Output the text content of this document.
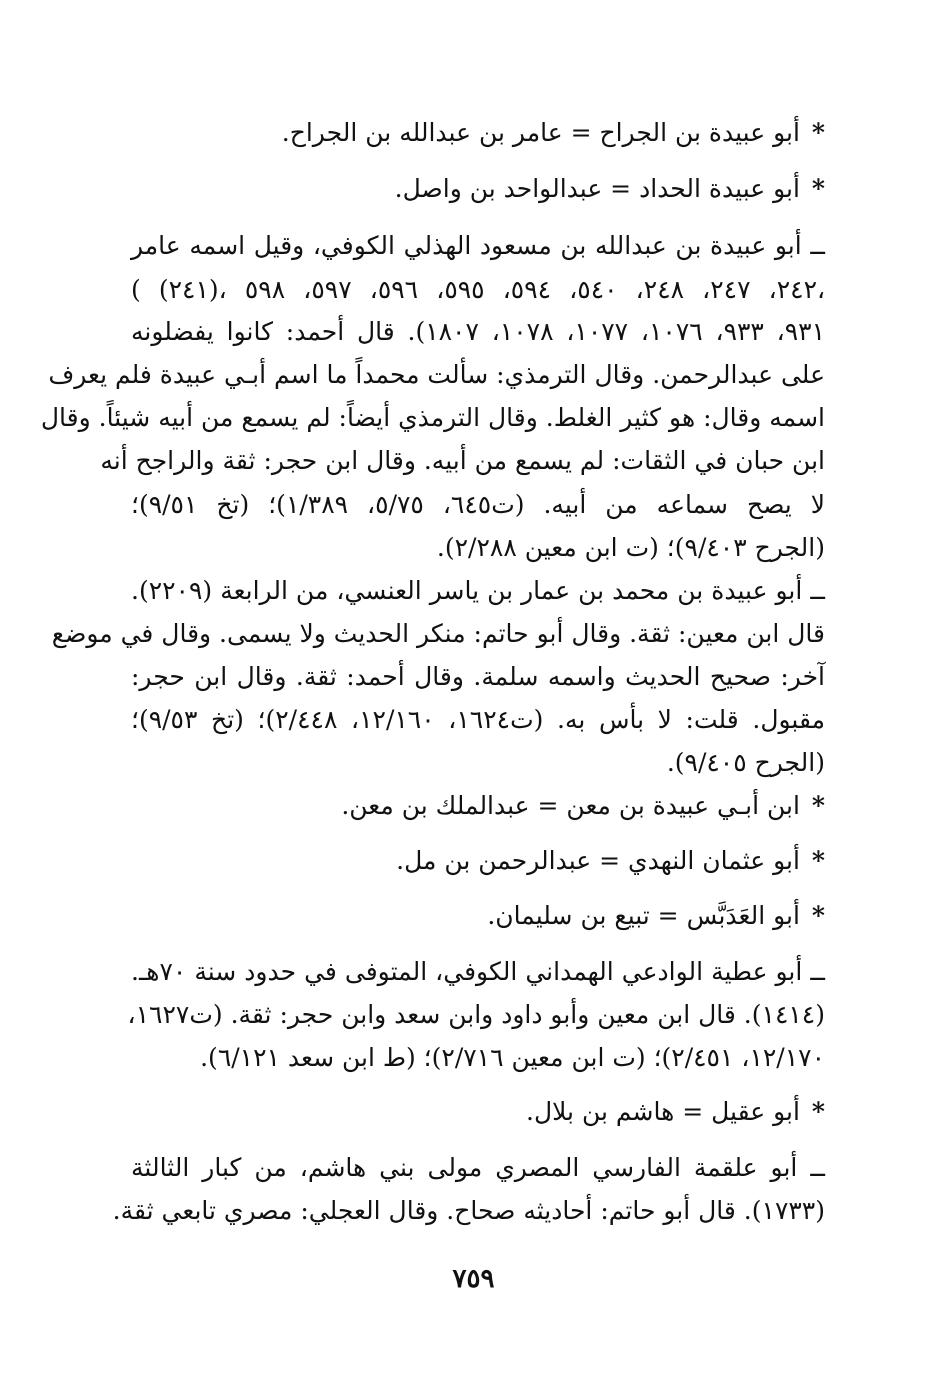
*أبو عبيدة بن الجراح = عامر بن عبدالله بن الجراح.
*أبو عبيدة الحداد = عبدالواحد بن واصل.
ــ أبو عبيدة بن عبدالله بن مسعود الهذلي الكوفي، وقيل اسمه عامر
( (٢٤١)، ٢٤٢، ٢٤٧، ٢٤٨، ٥٤٠، ٥٩٤، ٥٩٥، ٥٩٦، ٥٩٧، ٥٩٨،
٩٣١، ٩٣٣، ١٠٧٦، ١٠٧٧، ١٠٧٨، ١٨٠٧). قال أحمد: كانوا يفضلونه
على عبدالرحمن. وقال الترمذي: سألت محمداً ما اسم أبـي عبيدة فلم يعرف
اسمه وقال: هو كثير الغلط. وقال الترمذي أيضاً: لم يسمع من أبيه شيئاً. وقال
ابن حبان في الثقات: لم يسمع من أبيه. وقال ابن حجر: ثقة والراجح أنه
لا يصح سماعه من أبيه. (ت٦٤٥، ٥/٧٥، ١/٣٨٩)؛ (تخ ٩/٥١)؛
(الجرح ٩/٤٠٣)؛ (ت ابن معين ٢/٢٨٨).
ــ أبو عبيدة بن محمد بن عمار بن ياسر العنسي، من الرابعة (٢٢٠٩).
قال ابن معين: ثقة. وقال أبو حاتم: منكر الحديث ولا يسمى. وقال في موضع
آخر: صحيح الحديث واسمه سلمة. وقال أحمد: ثقة. وقال ابن حجر:
مقبول. قلت: لا بأس به. (ت١٦٢٤، ١٢/١٦٠، ٢/٤٤٨)؛ (تخ ٩/٥٣)؛
(الجرح ٩/٤٠٥).
*ابن أبـي عبيدة بن معن = عبدالملك بن معن.
*أبو عثمان النهدي = عبدالرحمن بن مل.
*أبو العَدَبَّس = تبيع بن سليمان.
ــ أبو عطية الوادعي الهمداني الكوفي، المتوفى في حدود سنة ٧٠هـ.
(١٤١٤). قال ابن معين وأبو داود وابن سعد وابن حجر: ثقة. (ت١٦٢٧،
١٢/١٧٠، ٢/٤٥١)؛ (ت ابن معين ٢/٧١٦)؛ (ط ابن سعد ٦/١٢١).
*أبو عقيل = هاشم بن بلال.
ــ أبو علقمة الفارسي المصري مولى بني هاشم، من كبار الثالثة
(١٧٣٣). قال أبو حاتم: أحاديثه صحاح. وقال العجلي: مصري تابعي ثقة.
٧٥٩
